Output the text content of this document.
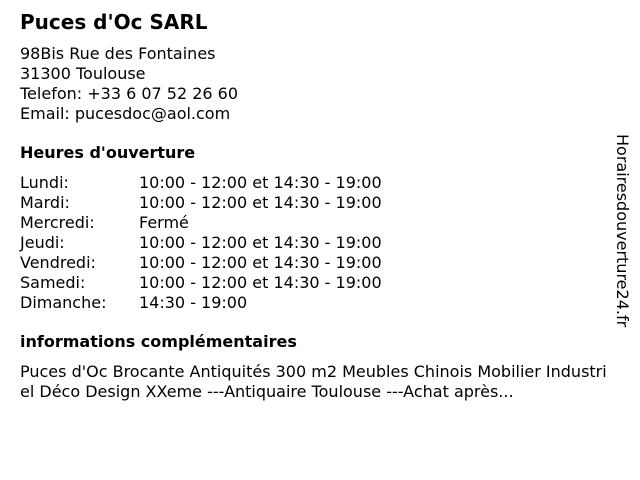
Puces d'Oc SARL
98Bis Rue des Fontaines
31300 Toulouse
Telefon: +33 6 07 52 26 60
Email: pucesdoc@aol.com
Heures d'ouverture
Lundi:	10:00 - 12:00 et 14:30 - 19:00
Mardi:	10:00 - 12:00 et 14:30 - 19:00
Mercredi:	Fermé
Jeudi:	10:00 - 12:00 et 14:30 - 19:00
Vendredi:	10:00 - 12:00 et 14:30 - 19:00
Samedi:	10:00 - 12:00 et 14:30 - 19:00
Dimanche:	14:30 - 19:00
informations complémentaires
Puces d'Oc Brocante Antiquités 300 m2 Meubles Chinois Mobilier Industriel Déco Design XXeme ---Antiquaire Toulouse ---Achat après...
Horairesdouverture24.fr
